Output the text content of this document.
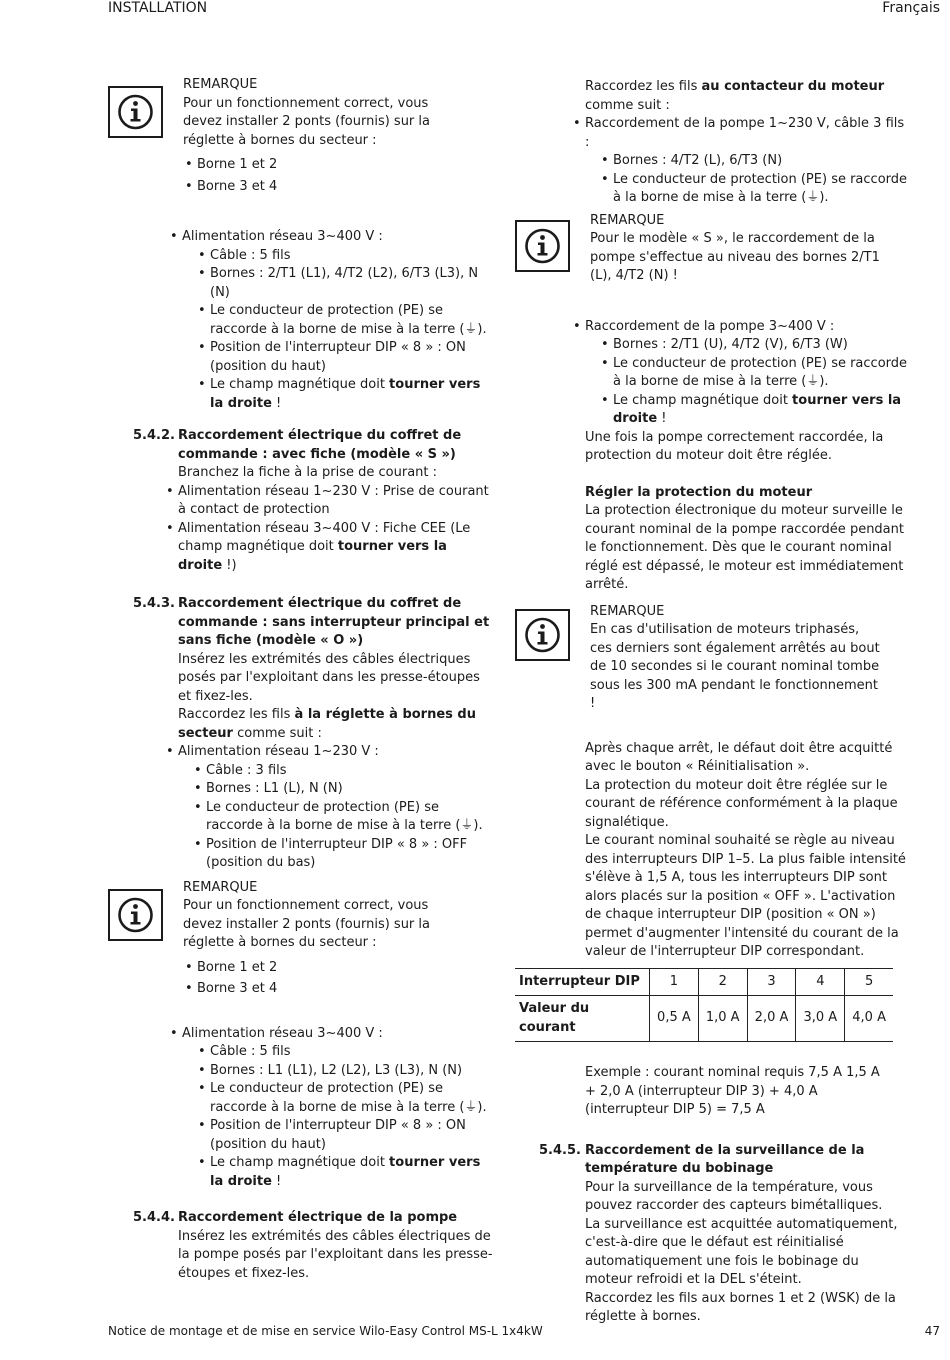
INSTALLATION	Français
REMARQUE
Pour un fonctionnement correct, vous devez installer 2 ponts (fournis) sur la réglette à bornes du secteur :
• Borne 1 et 2
• Borne 3 et 4
• Alimentation réseau 3~400 V :
• Câble : 5 fils
• Bornes : 2/T1 (L1), 4/T2 (L2), 6/T3 (L3), N (N)
• Le conducteur de protection (PE) se raccorde à la borne de mise à la terre (⏚).
• Position de l'interrupteur DIP « 8 » : ON (position du haut)
• Le champ magnétique doit tourner vers la droite !
5.4.2. Raccordement électrique du coffret de commande : avec fiche (modèle « S »)
Branchez la fiche à la prise de courant :
• Alimentation réseau 1~230 V : Prise de courant à contact de protection
• Alimentation réseau 3~400 V : Fiche CEE (Le champ magnétique doit tourner vers la droite !)
5.4.3. Raccordement électrique du coffret de commande : sans interrupteur principal et sans fiche (modèle « O »)
Insérez les extrémités des câbles électriques posés par l'exploitant dans les presse-étoupes et fixez-les.
Raccordez les fils à la réglette à bornes du secteur comme suit :
• Alimentation réseau 1~230 V :
• Câble : 3 fils
• Bornes : L1 (L), N (N)
• Le conducteur de protection (PE) se raccorde à la borne de mise à la terre (⏚).
• Position de l'interrupteur DIP « 8 » : OFF (position du bas)
REMARQUE
Pour un fonctionnement correct, vous devez installer 2 ponts (fournis) sur la réglette à bornes du secteur :
• Borne 1 et 2
• Borne 3 et 4
• Alimentation réseau 3~400 V :
• Câble : 5 fils
• Bornes : L1 (L1), L2 (L2), L3 (L3), N (N)
• Le conducteur de protection (PE) se raccorde à la borne de mise à la terre (⏚).
• Position de l'interrupteur DIP « 8 » : ON (position du haut)
• Le champ magnétique doit tourner vers la droite !
5.4.4. Raccordement électrique de la pompe
Insérez les extrémités des câbles électriques de la pompe posés par l'exploitant dans les presse-étoupes et fixez-les.
Raccordez les fils au contacteur du moteur comme suit :
• Raccordement de la pompe 1~230 V, câble 3 fils :
• Bornes : 4/T2 (L), 6/T3 (N)
• Le conducteur de protection (PE) se raccorde à la borne de mise à la terre (⏚).
REMARQUE
Pour le modèle « S », le raccordement de la pompe s'effectue au niveau des bornes 2/T1 (L), 4/T2 (N) !
• Raccordement de la pompe 3~400 V :
• Bornes : 2/T1 (U), 4/T2 (V), 6/T3 (W)
• Le conducteur de protection (PE) se raccorde à la borne de mise à la terre (⏚).
• Le champ magnétique doit tourner vers la droite !
Une fois la pompe correctement raccordée, la protection du moteur doit être réglée.
Régler la protection du moteur
La protection électronique du moteur surveille le courant nominal de la pompe raccordée pendant le fonctionnement. Dès que le courant nominal réglé est dépassé, le moteur est immédiatement arrêté.
REMARQUE
En cas d'utilisation de moteurs triphasés, ces derniers sont également arrêtés au bout de 10 secondes si le courant nominal tombe sous les 300 mA pendant le fonctionnement !
Après chaque arrêt, le défaut doit être acquitté avec le bouton « Réinitialisation ».
La protection du moteur doit être réglée sur le courant de référence conformément à la plaque signalétique.
Le courant nominal souhaité se règle au niveau des interrupteurs DIP 1–5. La plus faible intensité s'élève à 1,5 A, tous les interrupteurs DIP sont alors placés sur la position « OFF ». L'activation de chaque interrupteur DIP (position « ON ») permet d'augmenter l'intensité du courant de la valeur de l'interrupteur DIP correspondant.
Interrupteur DIP	1	2	3	4	5
Valeur du courant	0,5 A	1,0 A	2,0 A	3,0 A	4,0 A
Exemple : courant nominal requis 7,5 A 1,5 A + 2,0 A (interrupteur DIP 3) + 4,0 A (interrupteur DIP 5) = 7,5 A
5.4.5. Raccordement de la surveillance de la température du bobinage
Pour la surveillance de la température, vous pouvez raccorder des capteurs bimétalliques.
La surveillance est acquittée automatiquement, c'est-à-dire que le défaut est réinitialisé automatiquement une fois le bobinage du moteur refroidi et la DEL s'éteint.
Raccordez les fils aux bornes 1 et 2 (WSK) de la réglette à bornes.
Notice de montage et de mise en service Wilo-Easy Control MS-L 1x4kW	47
